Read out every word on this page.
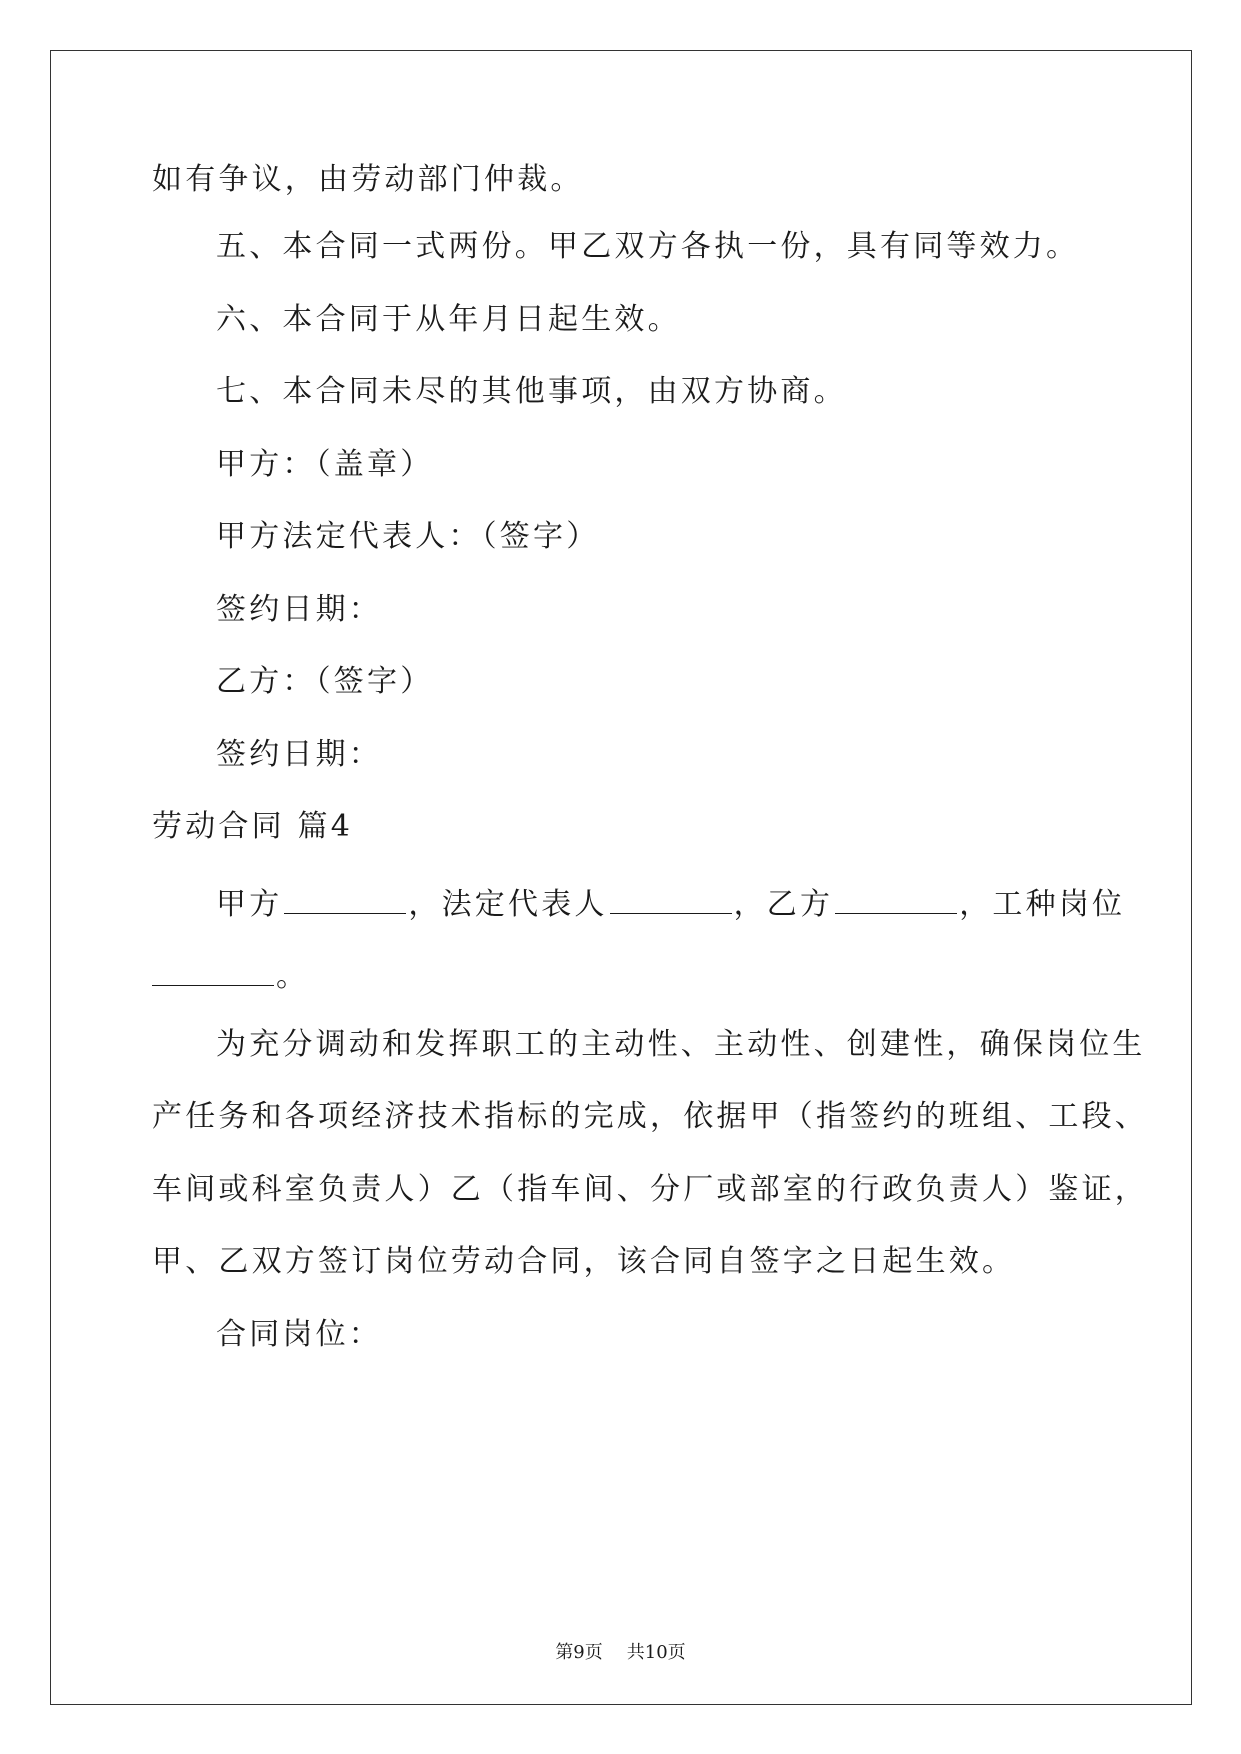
如有争议，由劳动部门仲裁。
五、本合同一式两份。甲乙双方各执一份，具有同等效力。
六、本合同于从年月日起生效。
七、本合同未尽的其他事项，由双方协商。
甲方：（盖章）
甲方法定代表人：（签字）
签约日期：
乙方：（签字）
签约日期：
劳动合同 篇4
甲方	，法定代表人	，乙方	，工种岗位
。
为充分调动和发挥职工的主动性、主动性、创建性，确保岗位生
产任务和各项经济技术指标的完成，依据甲（指签约的班组、工段、
车间或科室负责人）乙（指车间、分厂或部室的行政负责人）鉴证，
甲、乙双方签订岗位劳动合同，该合同自签字之日起生效。
合同岗位：
第9页 共10页
